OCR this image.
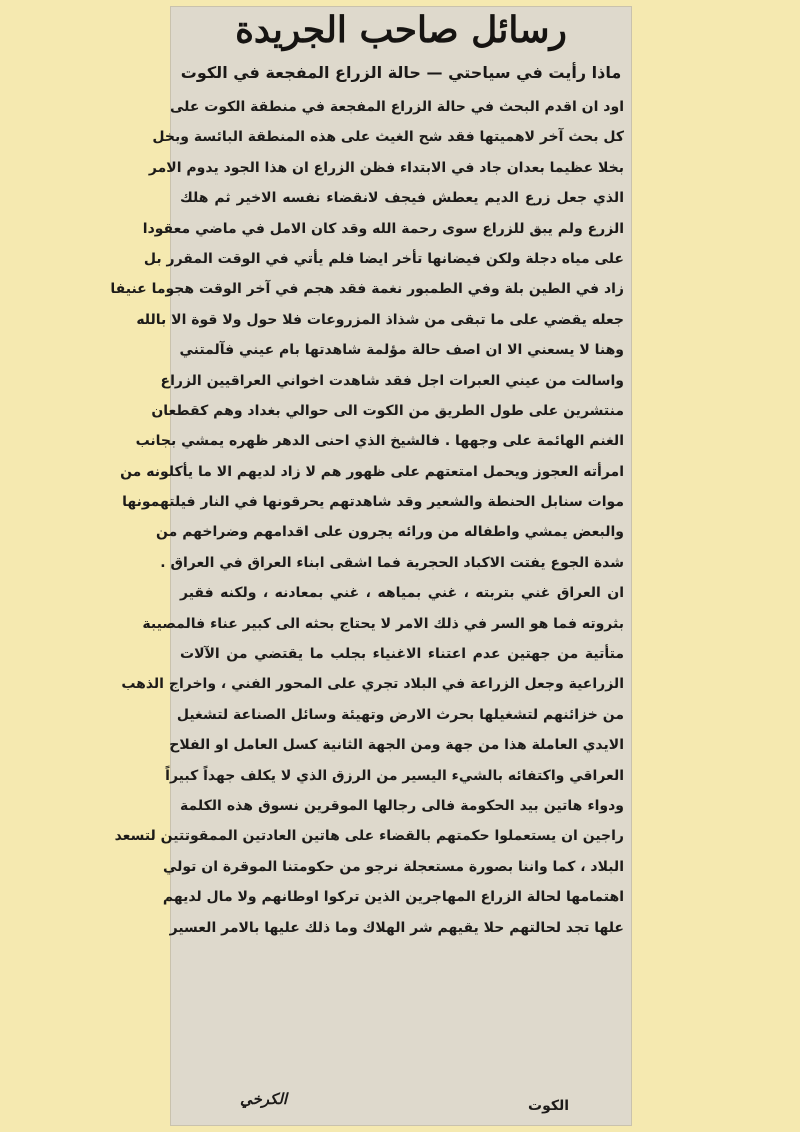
رسائل صاحب الجريدة
ماذا رأيت في سياحتي — حالة الزراع المفجعة في الكوت
اود ان اقدم البحث في حالة الزراع المفجعة في منطقة الكوت على
كل بحث آخر لاهميتها فقد شح الغيث على هذه المنطقة البائسة وبخل
بخلا عظيما بعدان جاد في الابتداء فظن الزراع ان هذا الجود يدوم الامر
الذي جعل زرع الديم يعطش فيجف لانقضاء نفسه الاخير ثم هلك
الزرع ولم يبق للزراع سوى رحمة الله وقد كان الامل في ماضي معقودا
على مياه دجلة ولكن فيضانها تأخر ايضا فلم يأتي في الوقت المقرر بل
زاد في الطين بلة وفي الطمبور نغمة فقد هجم في آخر الوقت هجوما عنيفا
جعله يقضي على ما تبقى من شذاذ المزروعات فلا حول ولا قوة الا بالله
وهنا لا يسعني الا ان اصف حالة مؤلمة شاهدتها بام عيني فآلمتني
واسالت من عيني العبرات اجل فقد شاهدت اخواني العراقيين الزراع
منتشرين على طول الطريق من الكوت الى حوالي بغداد وهم كقطعان
الغنم الهائمة على وجهها . فالشيخ الذي احنى الدهر ظهره يمشي بجانب
امرأته العجوز ويحمل امتعتهم على ظهور هم لا زاد لديهم الا ما يأكلونه من
موات سنابل الحنطة والشعير وقد شاهدتهم يحرقونها في النار فيلتهمونها
والبعض يمشي واطفاله من ورائه يجرون على اقدامهم وضراخهم من
شدة الجوع يفتت الاكباد الحجرية فما اشقى ابناء العراق في العراق .
ان العراق غني بتربته ، غني بمياهه ، غني بمعادنه ، ولكنه فقير
بثروته فما هو السر في ذلك الامر لا يحتاج بحثه الى كبير عناء فالمصيبة
متأتية من جهتين عدم اعتناء الاغنياء بجلب ما يقتضي من الآلات
الزراعية وجعل الزراعة في البلاد تجري على المحور الفني ، واخراج الذهب
من خزائنهم لتشغيلها بحرث الارض وتهيئة وسائل الصناعة لتشغيل
الايدي العاملة هذا من جهة ومن الجهة الثانية كسل العامل او الفلاح
العراقي واكتفائه بالشيء اليسير من الرزق الذي لا يكلف جهداً كبيراً
ودواء هاتين بيد الحكومة فالى رجالها الموقرين نسوق هذه الكلمة
راجين ان يستعملوا حكمتهم بالقضاء على هاتين العادتين الممقوتتين لتسعد
البلاد ، كما واننا بصورة مستعجلة نرجو من حكومتنا الموقرة ان تولي
اهتمامها لحالة الزراع المهاجرين الذين تركوا اوطانهم ولا مال لديهم
علها تجد لحالتهم حلا يقيهم شر الهلاك وما ذلك عليها بالامر العسير
الكوت
الكرخي
